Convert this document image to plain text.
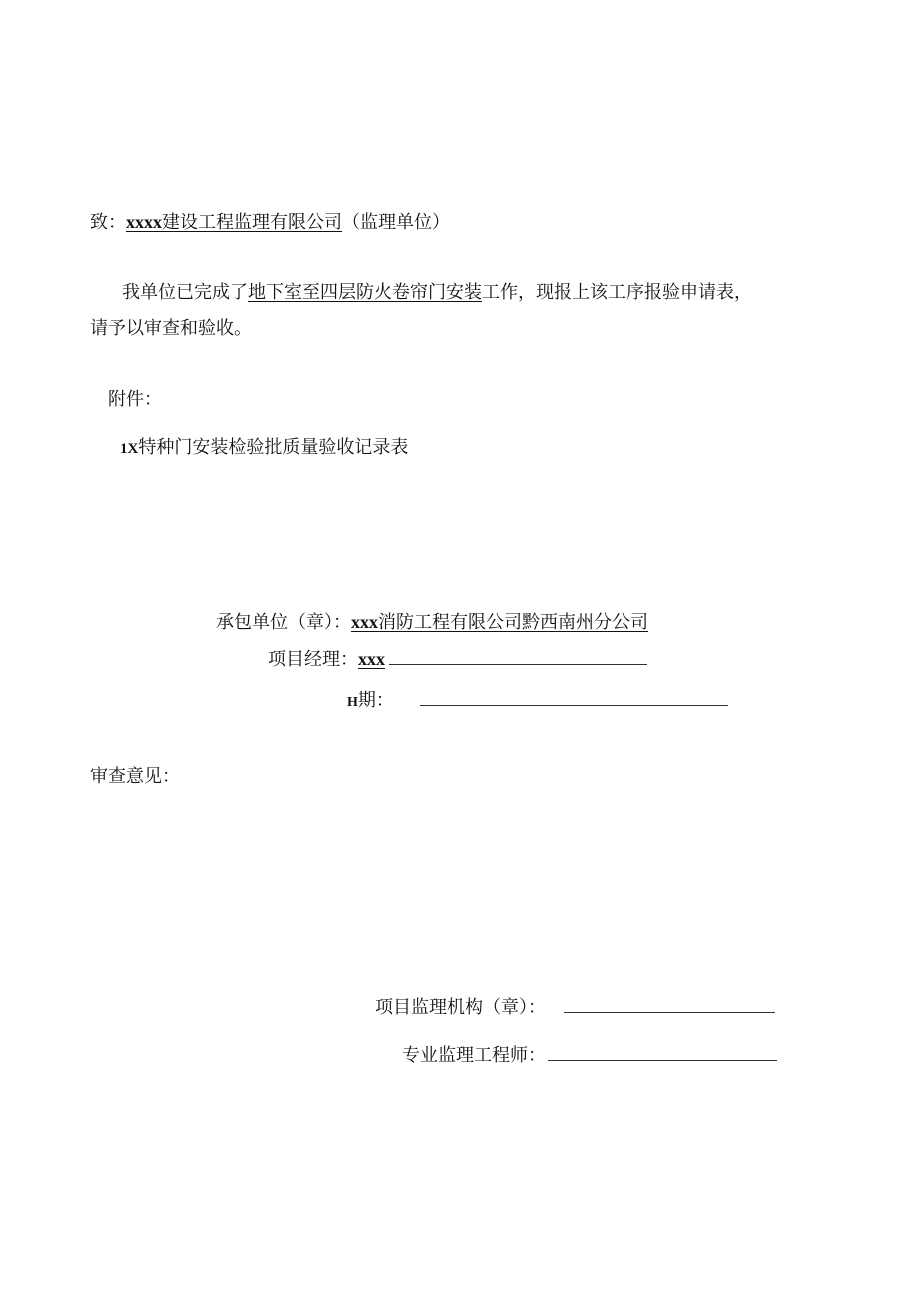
致：xxxx建设工程监理有限公司（监理单位）
我单位已完成了地下室至四层防火卷帘门安装工作，现报上该工序报验申请表，
请予以审查和验收。
附件：
1X特种门安装检验批质量验收记录表
承包单位（章）：xxx消防工程有限公司黔西南州分公司
项目经理：xxx
H期：
审查意见：
项目监理机构（章）：
专业监理工程师：
